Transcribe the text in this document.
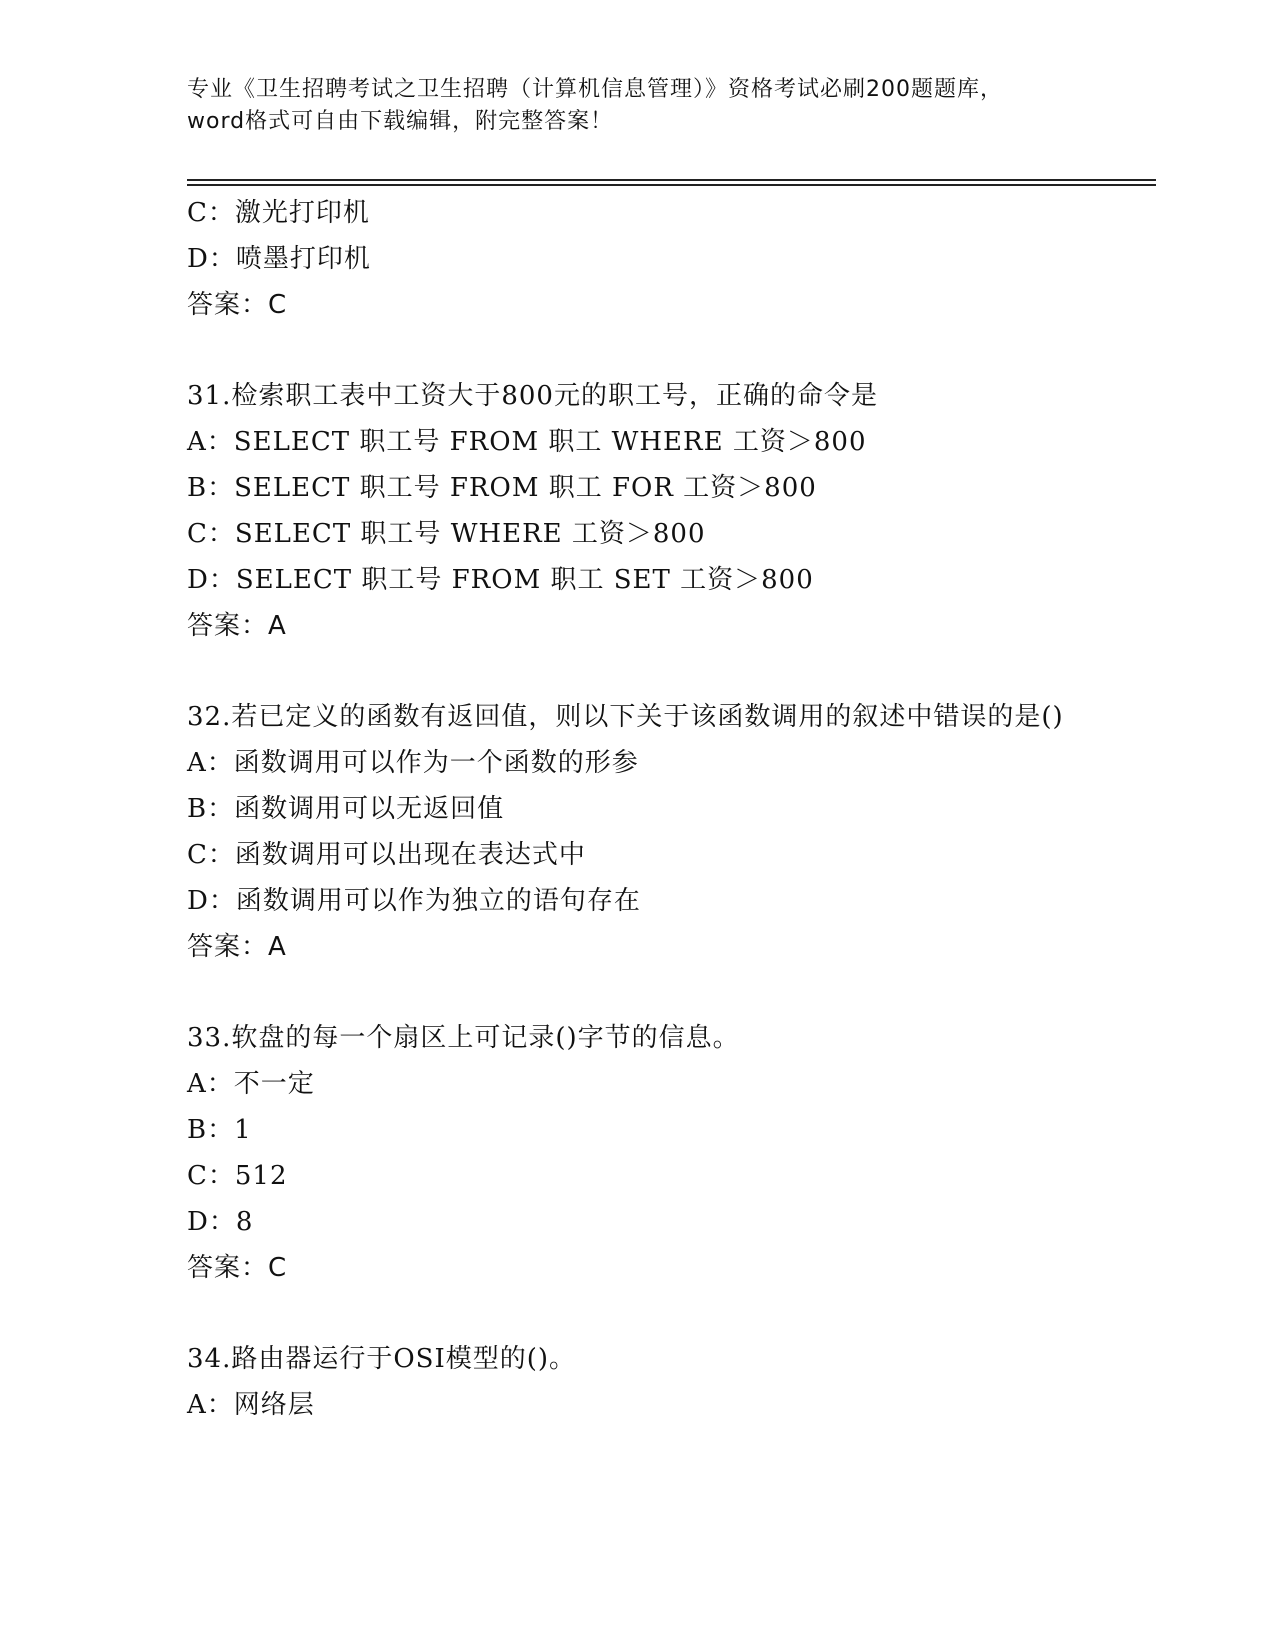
专业《卫生招聘考试之卫生招聘（计算机信息管理）》资格考试必刷200题题库，
word格式可自由下载编辑，附完整答案！
C：激光打印机
D：喷墨打印机
答案：C
31.检索职工表中工资大于800元的职工号，正确的命令是
A：SELECT 职工号 FROM 职工 WHERE 工资＞800
B：SELECT 职工号 FROM 职工 FOR 工资＞800
C：SELECT 职工号 WHERE 工资＞800
D：SELECT 职工号 FROM 职工 SET 工资＞800
答案：A
32.若已定义的函数有返回值，则以下关于该函数调用的叙述中错误的是()
A：函数调用可以作为一个函数的形参
B：函数调用可以无返回值
C：函数调用可以出现在表达式中
D：函数调用可以作为独立的语句存在
答案：A
33.软盘的每一个扇区上可记录()字节的信息。
A：不一定
B：1
C：512
D：8
答案：C
34.路由器运行于OSI模型的()。
A：网络层
